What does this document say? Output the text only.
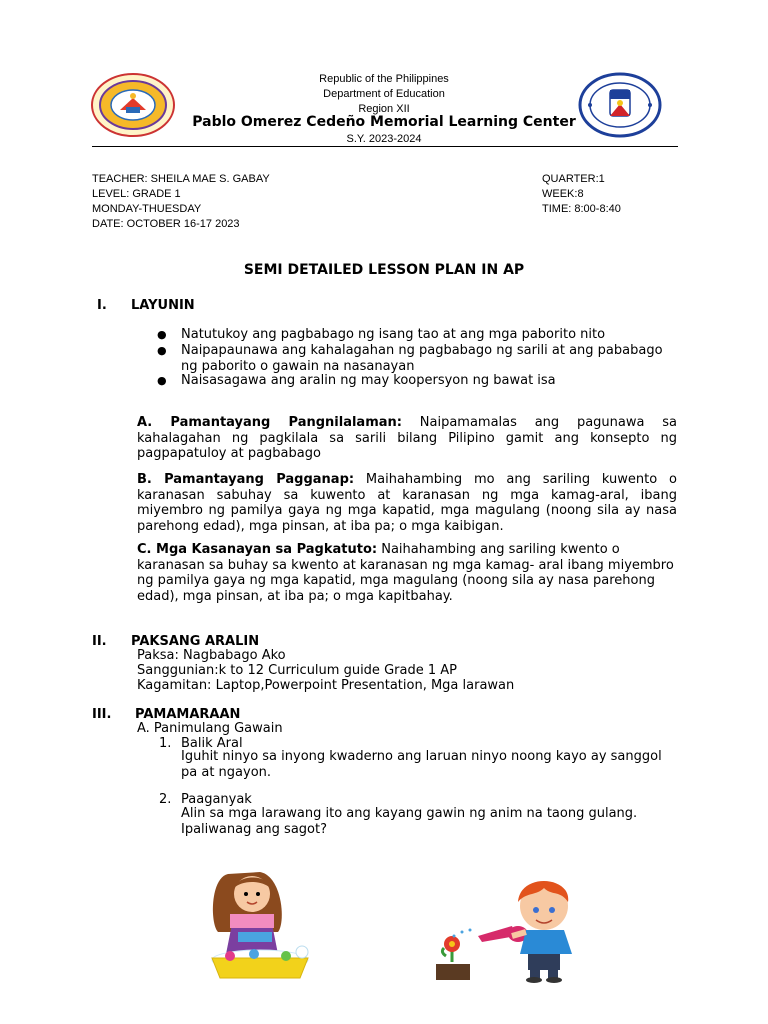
Republic of the Philippines
Department of Education
Region XII
Pablo Omerez Cedeño Memorial Learning Center
S.Y. 2023-2024
TEACHER: SHEILA MAE S. GABAY
LEVEL: GRADE 1
MONDAY-THUESDAY
DATE: OCTOBER 16-17 2023
QUARTER:1
WEEK:8
TIME: 8:00-8:40
SEMI DETAILED LESSON PLAN IN AP
I. LAYUNIN
● Natutukoy ang pagbabago ng isang tao at ang mga paborito nito
● Naipapaunawa ang kahalagahan ng pagbabago ng sarili at ang pababago ng paborito o gawain na nasanayan
● Naisasagawa ang aralin ng may koopersyon ng bawat isa
A. Pamantayang Pangnilalaman: Naipamamalas ang pagunawa sa kahalagahan ng pagkilala sa sarili bilang Pilipino gamit ang konsepto ng pagpapatuloy at pagbabago
B. Pamantayang Pagganap: Maihahambing mo ang sariling kuwento o karanasan sabuhay sa kuwento at karanasan ng mga kamag-aral, ibang miyembro ng pamilya gaya ng mga kapatid, mga magulang (noong sila ay nasa parehong edad), mga pinsan, at iba pa; o mga kaibigan.
C. Mga Kasanayan sa Pagkatuto: Naihahambing ang sariling kwento o karanasan sa buhay sa kwento at karanasan ng mga kamag- aral ibang miyembro ng pamilya gaya ng mga kapatid, mga magulang (noong sila ay nasa parehong edad), mga pinsan, at iba pa; o mga kapitbahay.
II. PAKSANG ARALIN
Paksa: Nagbabago Ako
Sanggunian:k to 12 Curriculum guide Grade 1 AP
Kagamitan: Laptop,Powerpoint Presentation, Mga larawan
III. PAMAMARAAN
A. Panimulang Gawain
1. Balik Aral
Iguhit ninyo sa inyong kwaderno ang laruan ninyo noong kayo ay sanggol pa at ngayon.
2. Paaganyak
Alin sa mga larawang ito ang kayang gawin ng anim na taong gulang. Ipaliwanag ang sagot?
